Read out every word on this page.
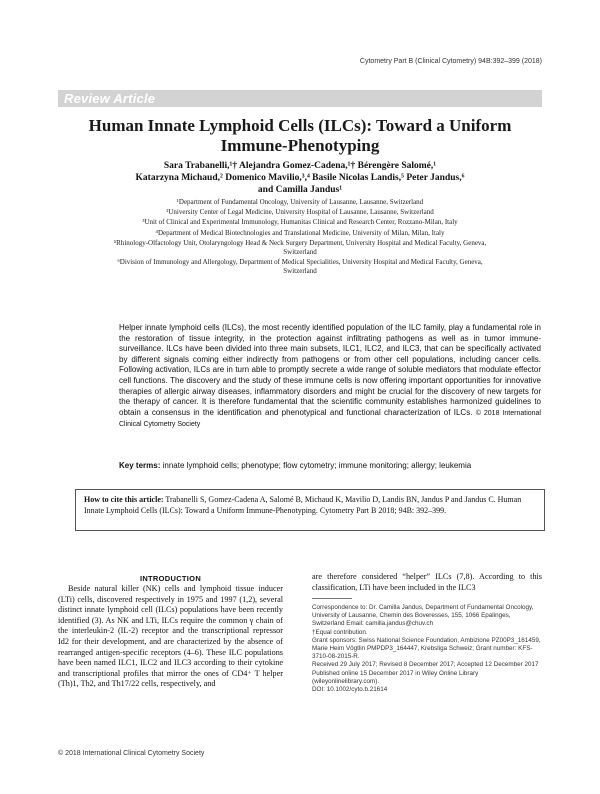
Cytometry Part B (Clinical Cytometry) 94B:392–399 (2018)
Review Article
Human Innate Lymphoid Cells (ILCs): Toward a Uniform Immune-Phenotyping
Sara Trabanelli,¹† Alejandra Gomez-Cadena,¹† Bérengère Salomé,¹
Katarzyna Michaud,² Domenico Mavilio,³,⁴ Basile Nicolas Landis,⁵ Peter Jandus,⁶
and Camilla Jandus¹
¹Department of Fundamental Oncology, University of Lausanne, Lausanne, Switzerland
²University Center of Legal Medicine, University Hospital of Lausanne, Lausanne, Switzerland
³Unit of Clinical and Experimental Immunology, Humanitas Clinical and Research Center, Rozzano-Milan, Italy
⁴Department of Medical Biotechnologies and Translational Medicine, University of Milan, Milan, Italy
⁵Rhinology-Olfactology Unit, Otolaryngology Head & Neck Surgery Department, University Hospital and Medical Faculty, Geneva, Switzerland
⁶Division of Immunology and Allergology, Department of Medical Specialities, University Hospital and Medical Faculty, Geneva, Switzerland
Helper innate lymphoid cells (ILCs), the most recently identified population of the ILC family, play a fundamental role in the restoration of tissue integrity, in the protection against infiltrating pathogens as well as in tumor immune-surveillance. ILCs have been divided into three main subsets, ILC1, ILC2, and ILC3, that can be specifically activated by different signals coming either indirectly from pathogens or from other cell populations, including cancer cells. Following activation, ILCs are in turn able to promptly secrete a wide range of soluble mediators that modulate effector cell functions. The discovery and the study of these immune cells is now offering important opportunities for innovative therapies of allergic airway diseases, inflammatory disorders and might be crucial for the discovery of new targets for the therapy of cancer. It is therefore fundamental that the scientific community establishes harmonized guidelines to obtain a consensus in the identification and phenotypical and functional characterization of ILCs. © 2018 International Clinical Cytometry Society
Key terms: innate lymphoid cells; phenotype; flow cytometry; immune monitoring; allergy; leukemia
How to cite this article: Trabanelli S, Gomez-Cadena A, Salomé B, Michaud K, Mavilio D, Landis BN, Jandus P and Jandus C. Human Innate Lymphoid Cells (ILCs): Toward a Uniform Immune-Phenotyping. Cytometry Part B 2018; 94B: 392–399.
INTRODUCTION
Beside natural killer (NK) cells and lymphoid tissue inducer (LTi) cells, discovered respectively in 1975 and 1997 (1,2), several distinct innate lymphoid cell (ILCs) populations have been recently identified (3). As NK and LTi, ILCs require the common γ chain of the interleukin-2 (IL-2) receptor and the transcriptional repressor Id2 for their development, and are characterized by the absence of rearranged antigen-specific receptors (4–6). These ILC populations have been named ILC1, ILC2 and ILC3 according to their cytokine and transcriptional profiles that mirror the ones of CD4⁺ T helper (Th)1, Th2, and Th17/22 cells, respectively, and
are therefore considered “helper” ILCs (7,8). According to this classification, LTi have been included in the ILC3
Correspondence to: Dr. Camilla Jandus, Department of Fundamental Oncology, University of Lausanne, Chemin des Boveresses, 155, 1066 Epalinges, Switzerland Email: camilla.jandus@chuv.ch
†Equal contribution.
Grant sponsors: Swiss National Science Foundation, Ambizione PZ00P3_161459, Marie Heim Vögtlin PMPDP3_164447, Krebsliga Schweiz; Grant number: KFS-3710-08-2015-R.
Received 29 July 2017; Revised 8 December 2017; Accepted 12 December 2017
Published online 15 December 2017 in Wiley Online Library (wileyonlinelibrary.com).
DOI: 10.1002/cyto.b.21614
© 2018 International Clinical Cytometry Society
